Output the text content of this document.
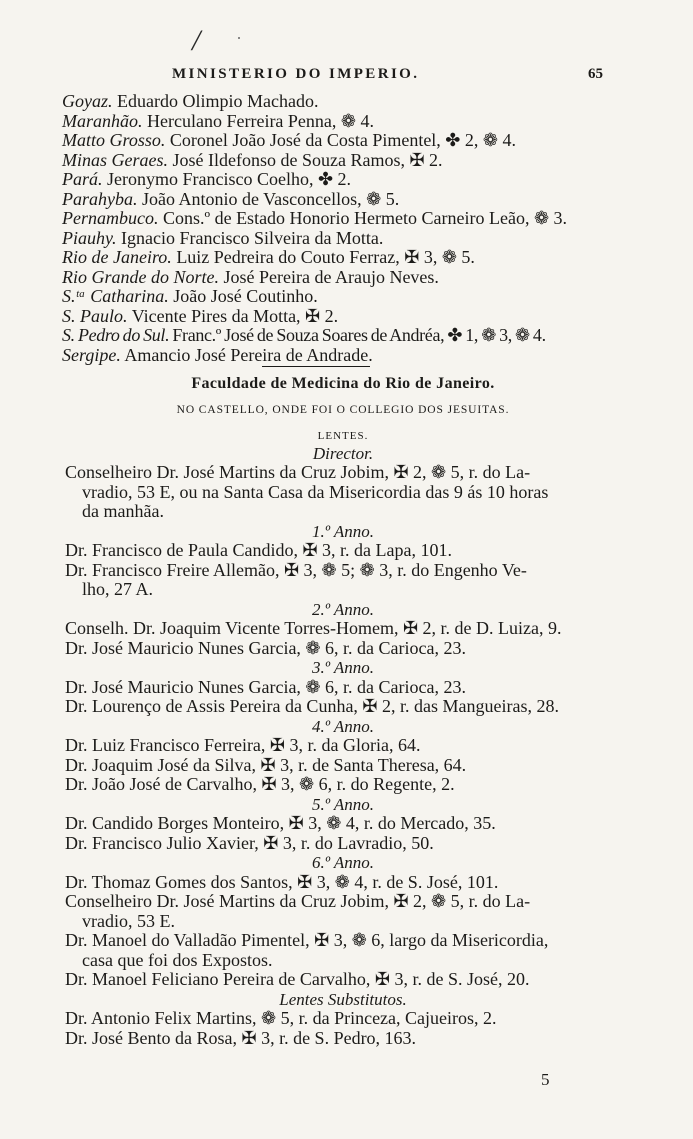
/
MINISTERIO DO IMPERIO.	65
Goyaz. Eduardo Olimpio Machado.
Maranhão. Herculano Ferreira Penna, ❁ 4.
Matto Grosso. Coronel João José da Costa Pimentel, ✤ 2, ❁ 4.
Minas Geraes. José Ildefonso de Souza Ramos, ✠ 2.
Pará. Jeronymo Francisco Coelho, ✤ 2.
Parahyba. João Antonio de Vasconcellos, ❁ 5.
Pernambuco. Cons.º de Estado Honorio Hermeto Carneiro Leão, ❁ 3.
Piauhy. Ignacio Francisco Silveira da Motta.
Rio de Janeiro. Luiz Pedreira do Couto Ferraz, ✠ 3, ❁ 5.
Rio Grande do Norte. José Pereira de Araujo Neves.
S.ᵗᵃ Catharina. João José Coutinho.
S. Paulo. Vicente Pires da Motta, ✠ 2.
S. Pedro do Sul. Franc.º José de Souza Soares de Andréa, ✤ 1, ❁ 3, ❁ 4.
Sergipe. Amancio José Pereira de Andrade.
Faculdade de Medicina do Rio de Janeiro.
NO CASTELLO, ONDE FOI O COLLEGIO DOS JESUITAS.
LENTES.
Director.
Conselheiro Dr. José Martins da Cruz Jobim, ✠ 2, ❁ 5, r. do La-
vradio, 53 E, ou na Santa Casa da Misericordia das 9 ás 10 horas
da manhãa.
1.º Anno.
Dr. Francisco de Paula Candido, ✠ 3, r. da Lapa, 101.
Dr. Francisco Freire Allemão, ✠ 3, ❁ 5; ❁ 3, r. do Engenho Ve-
lho, 27 A.
2.º Anno.
Conselh. Dr. Joaquim Vicente Torres-Homem, ✠ 2, r. de D. Luiza, 9.
Dr. José Mauricio Nunes Garcia, ❁ 6, r. da Carioca, 23.
3.º Anno.
Dr. José Mauricio Nunes Garcia, ❁ 6, r. da Carioca, 23.
Dr. Lourenço de Assis Pereira da Cunha, ✠ 2, r. das Mangueiras, 28.
4.º Anno.
Dr. Luiz Francisco Ferreira, ✠ 3, r. da Gloria, 64.
Dr. Joaquim José da Silva, ✠ 3, r. de Santa Theresa, 64.
Dr. João José de Carvalho, ✠ 3, ❁ 6, r. do Regente, 2.
5.º Anno.
Dr. Candido Borges Monteiro, ✠ 3, ❁ 4, r. do Mercado, 35.
Dr. Francisco Julio Xavier, ✠ 3, r. do Lavradio, 50.
6.º Anno.
Dr. Thomaz Gomes dos Santos, ✠ 3, ❁ 4, r. de S. José, 101.
Conselheiro Dr. José Martins da Cruz Jobim, ✠ 2, ❁ 5, r. do La-
vradio, 53 E.
Dr. Manoel do Valladão Pimentel, ✠ 3, ❁ 6, largo da Misericordia,
casa que foi dos Expostos.
Dr. Manoel Feliciano Pereira de Carvalho, ✠ 3, r. de S. José, 20.
Lentes Substitutos.
Dr. Antonio Felix Martins, ❁ 5, r. da Princeza, Cajueiros, 2.
Dr. José Bento da Rosa, ✠ 3, r. de S. Pedro, 163.
5
